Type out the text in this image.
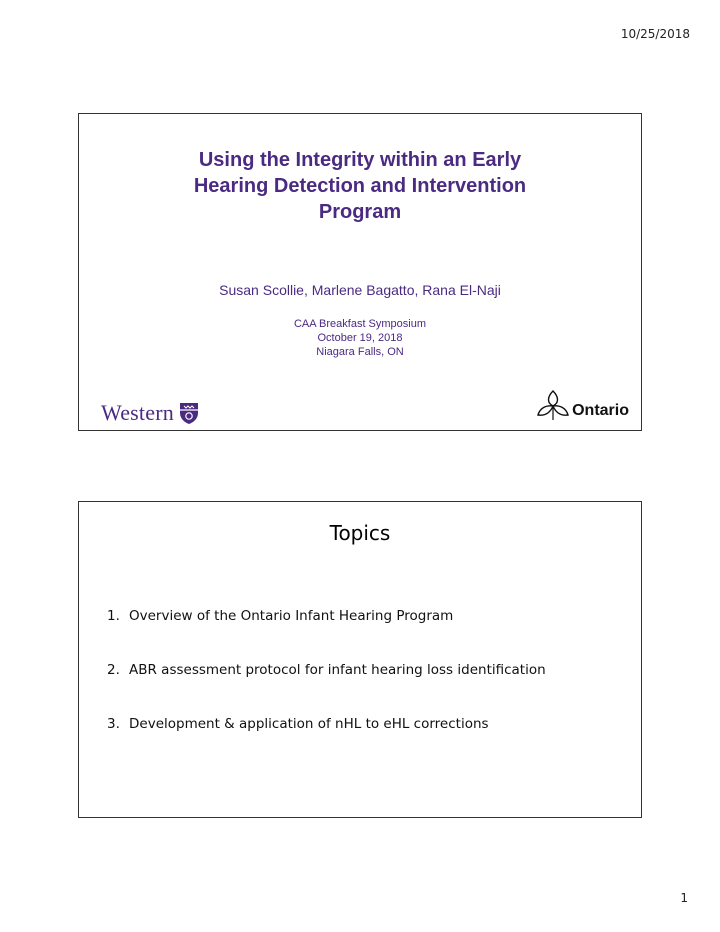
10/25/2018
Using the Integrity within an Early
Hearing Detection and Intervention
Program
Susan Scollie, Marlene Bagatto, Rana El-Naji
CAA Breakfast Symposium
October 19, 2018
Niagara Falls, ON
Western	Ontario
Topics
1. Overview of the Ontario Infant Hearing Program
2. ABR assessment protocol for infant hearing loss identification
3. Development & application of nHL to eHL corrections
1
